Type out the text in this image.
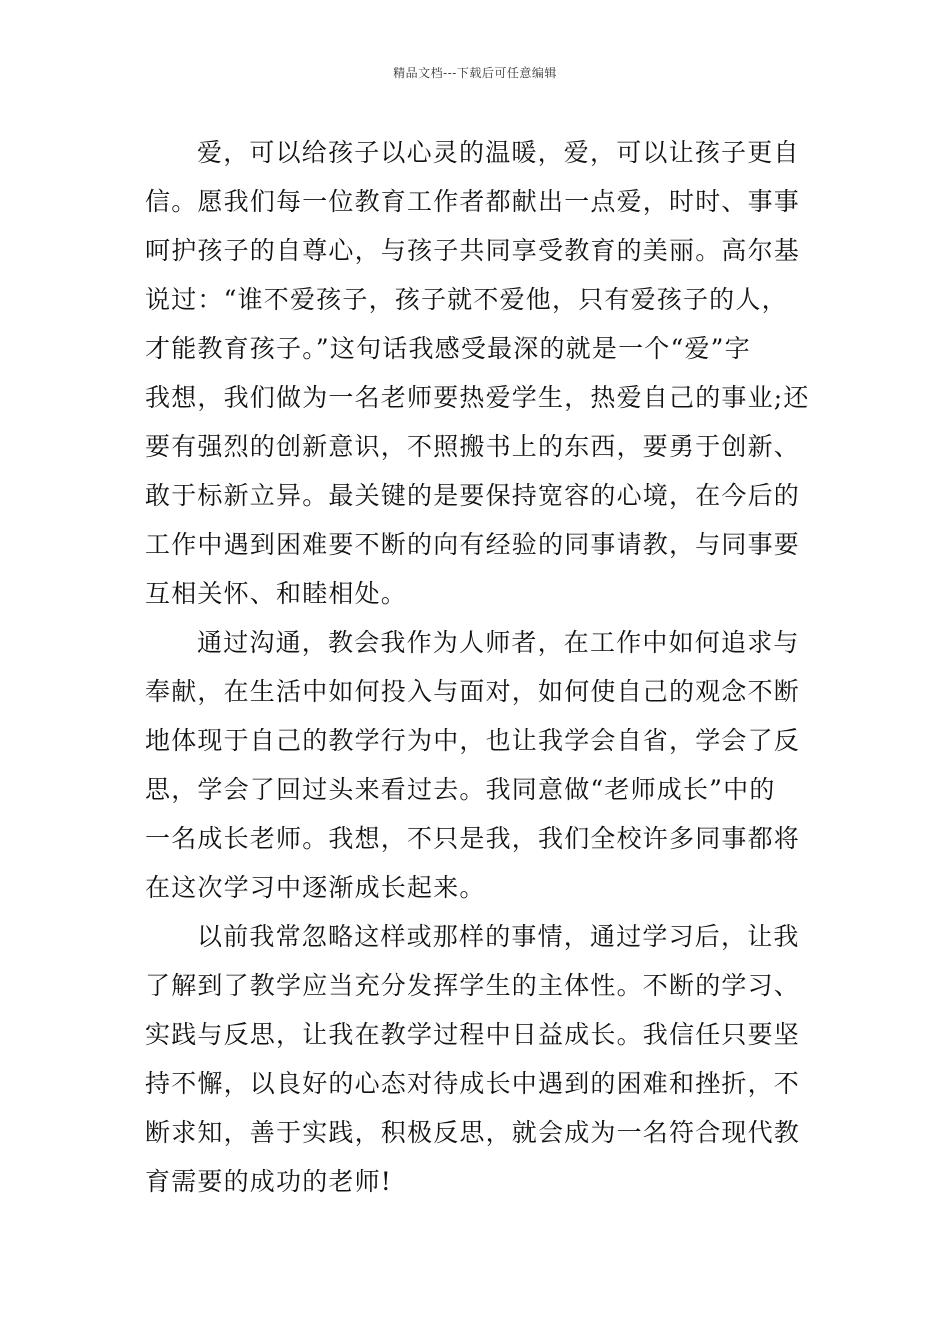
精品文档---下载后可任意编辑
爱，可以给孩子以心灵的温暖，爱，可以让孩子更自
信。愿我们每一位教育工作者都献出一点爱，时时、事事
呵护孩子的自尊心，与孩子共同享受教育的美丽。高尔基
说过：“谁不爱孩子，孩子就不爱他，只有爱孩子的人，
才能教育孩子。”这句话我感受最深的就是一个“爱”字
我想，我们做为一名老师要热爱学生，热爱自己的事业;还
要有强烈的创新意识，不照搬书上的东西，要勇于创新、
敢于标新立异。最关键的是要保持宽容的心境，在今后的
工作中遇到困难要不断的向有经验的同事请教，与同事要
互相关怀、和睦相处。
通过沟通，教会我作为人师者，在工作中如何追求与
奉献，在生活中如何投入与面对，如何使自己的观念不断
地体现于自己的教学行为中，也让我学会自省，学会了反
思，学会了回过头来看过去。我同意做“老师成长”中的
一名成长老师。我想，不只是我，我们全校许多同事都将
在这次学习中逐渐成长起来。
以前我常忽略这样或那样的事情，通过学习后，让我
了解到了教学应当充分发挥学生的主体性。不断的学习、
实践与反思，让我在教学过程中日益成长。我信任只要坚
持不懈，以良好的心态对待成长中遇到的困难和挫折，不
断求知，善于实践，积极反思，就会成为一名符合现代教
育需要的成功的老师!
